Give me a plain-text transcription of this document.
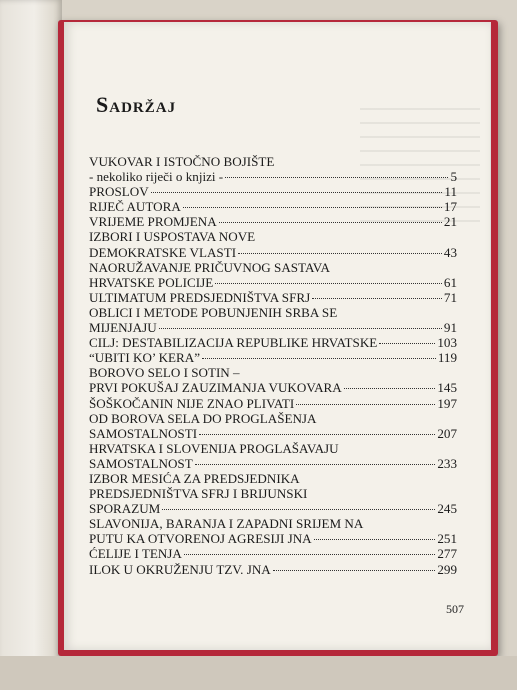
Sadržaj
VUKOVAR I ISTOČNO BOJIŠTE
- nekoliko riječi o knjizi -	5
PROSLOV	11
RIJEČ AUTORA	17
VRIJEME PROMJENA	21
IZBORI I USPOSTAVA NOVE
DEMOKRATSKE VLASTI	43
NAORUŽAVANJE PRIČUVNOG SASTAVA
HRVATSKE POLICIJE	61
ULTIMATUM PREDSJEDNIŠTVA SFRJ	71
OBLICI I METODE POBUNJENIH SRBA SE
MIJENJAJU	91
CILJ: DESTABILIZACIJA REPUBLIKE HRVATSKE	103
“UBITI KO’ KERA”	119
BOROVO SELO I SOTIN –
PRVI POKUŠAJ ZAUZIMANJA VUKOVARA	145
ŠOŠKOČANIN NIJE ZNAO PLIVATI	197
OD BOROVA SELA DO PROGLAŠENJA
SAMOSTALNOSTI	207
HRVATSKA I SLOVENIJA PROGLAŠAVAJU
SAMOSTALNOST	233
IZBOR MESIĆA ZA PREDSJEDNIKA
PREDSJEDNIŠTVA SFRJ I BRIJUNSKI
SPORAZUM	245
SLAVONIJA, BARANJA I ZAPADNI SRIJEM NA
PUTU KA OTVORENOJ AGRESIJI JNA	251
ĆELIJE I TENJA	277
ILOK U OKRUŽENJU TZV. JNA	299
507
